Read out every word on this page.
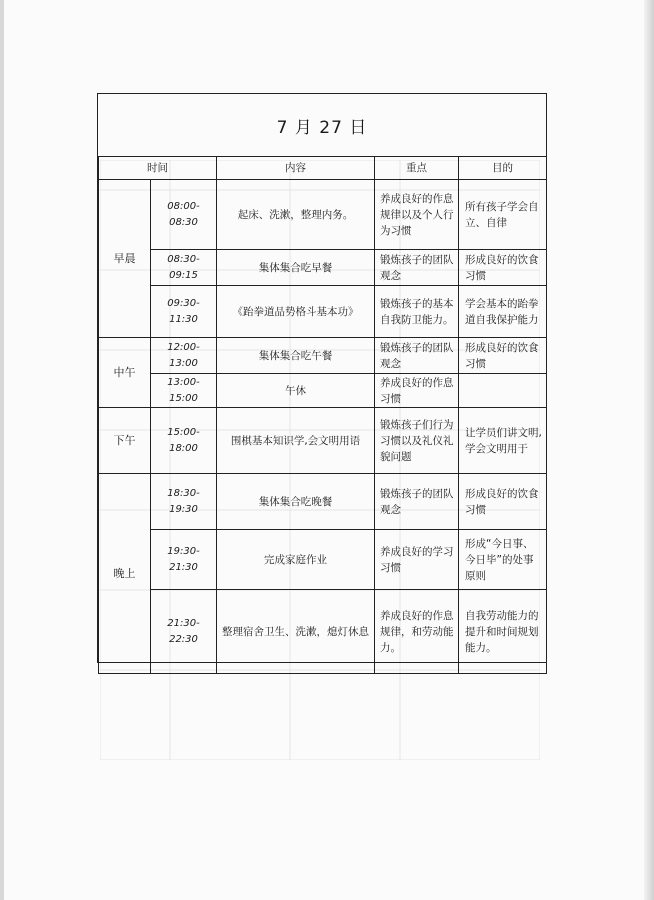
7 月 27 日
时间		内容	重点	目的
早晨	08:00-08:30	起床、洗漱，整理内务。	养成良好的作息规律以及个人行为习惯	所有孩子学会自立、自律
	08:30-09:15	集体集合吃早餐	锻炼孩子的团队观念	形成良好的饮食习惯
	09:30-11:30	《跆拳道品势格斗基本功》	锻炼孩子的基本自我防卫能力。	学会基本的跆拳道自我保护能力
中午	12:00-13:00	集体集合吃午餐	锻炼孩子的团队观念	形成良好的饮食习惯
	13:00-15:00	午休	养成良好的作息习惯	
下午	15:00-18:00	围棋基本知识学,会文明用语	锻炼孩子们行为习惯以及礼仪礼貌问题	让学员们讲文明,学会文明用于
晚上	18:30-19:30	集体集合吃晚餐	锻炼孩子的团队观念	形成良好的饮食习惯
	19:30-21:30	完成家庭作业	养成良好的学习习惯	形成“今日事、今日毕”的处事原则
	21:30-22:30	整理宿舍卫生、洗漱，熄灯休息	养成良好的作息规律，和劳动能力。	自我劳动能力的提升和时间规划能力。
